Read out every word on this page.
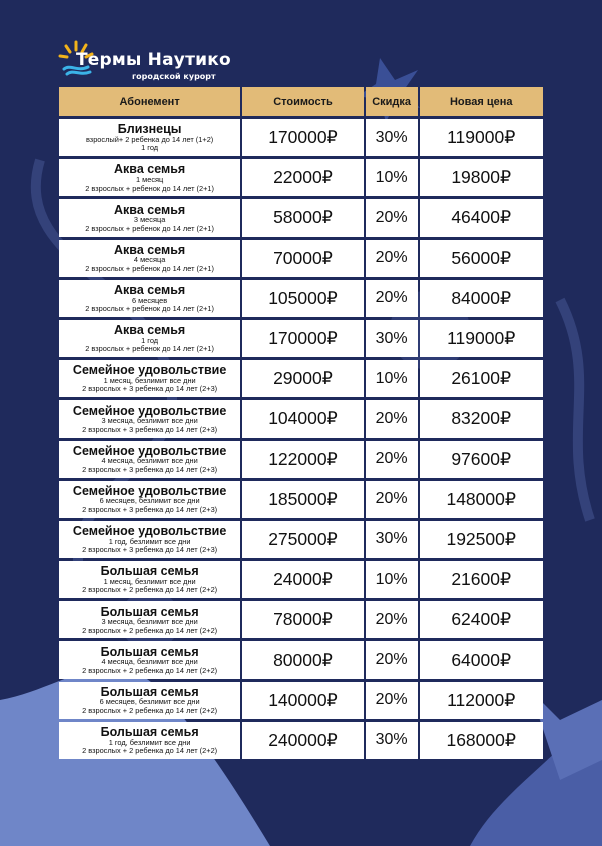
Термы Наутико
городской курорт
Абонемент	Стоимость	Скидка	Новая цена
Близнецы
взрослый+ 2 ребенка до 14 лет (1+2)
1 год
170000₽ 30% 119000₽
Аква семья
1 месяц
2 взрослых + ребенок до 14 лет (2+1)
22000₽	10% 19800₽
Аква семья
3 месяца
2 взрослых + ребенок до 14 лет (2+1)
58000₽	20% 46400₽
Аква семья
4 месяца
2 взрослых + ребенок до 14 лет (2+1)
70000₽	20% 56000₽
Аква семья
6 месяцев
2 взрослых + ребенок до 14 лет (2+1)
105000₽ 20% 84000₽
Аква семья
1 год
2 взрослых + ребенок до 14 лет (2+1)
170000₽ 30% 119000₽
Семейное удовольствие
1 месяц, безлимит все дни
2 взрослых + 3 ребенка до 14 лет (2+3)
29000₽	10% 26100₽
Семейное удовольствие
3 месяца, безлимит все дни
2 взрослых + 3 ребенка до 14 лет (2+3)
104000₽ 20% 83200₽
Семейное удовольствие
4 месяца, безлимит все дни
2 взрослых + 3 ребенка до 14 лет (2+3)
122000₽ 20% 97600₽
Семейное удовольствие
6 месяцев, безлимит все дни
2 взрослых + 3 ребенка до 14 лет (2+3)
185000₽ 20% 148000₽
Семейное удовольствие
1 год, безлимит все дни
2 взрослых + 3 ребенка до 14 лет (2+3)
275000₽ 30% 192500₽
Большая семья
1 месяц, безлимит все дни
2 взрослых + 2 ребенка до 14 лет (2+2)
24000₽	10% 21600₽
Большая семья
3 месяца, безлимит все дни
2 взрослых + 2 ребенка до 14 лет (2+2)
78000₽	20% 62400₽
Большая семья
4 месяца, безлимит все дни
2 взрослых + 2 ребенка до 14 лет (2+2)
80000₽	20% 64000₽
Большая семья
6 месяцев, безлимит все дни
2 взрослых + 2 ребенка до 14 лет (2+2)
140000₽ 20% 112000₽
Большая семья
1 год, безлимит все дни
2 взрослых + 2 ребенка до 14 лет (2+2)
240000₽ 30% 168000₽
